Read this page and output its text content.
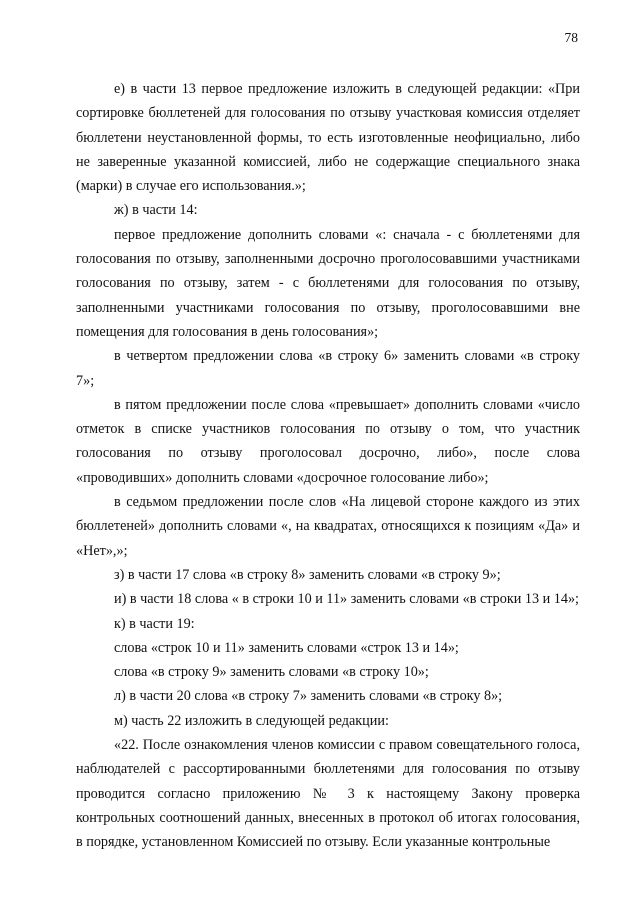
78

е) в части 13 первое предложение изложить в следующей редакции: «При сортировке бюллетеней для голосования по отзыву участковая комиссия отделяет бюллетени неустановленной формы, то есть изготовленные неофициально, либо не заверенные указанной комиссией, либо не содержащие специального знака (марки) в случае его использования.»;

ж) в части 14:

первое предложение дополнить словами «: сначала - с бюллетенями для голосования по отзыву, заполненными досрочно проголосовавшими участниками голосования по отзыву, затем - с бюллетенями для голосования по отзыву, заполненными участниками голосования по отзыву, проголосовавшими вне помещения для голосования в день голосования»;

в четвертом предложении слова «в строку 6» заменить словами «в строку 7»;

в пятом предложении после слова «превышает» дополнить словами «число отметок в списке участников голосования по отзыву о том, что участник голосования по отзыву проголосовал досрочно, либо», после слова «проводивших» дополнить словами «досрочное голосование либо»;

в седьмом предложении после слов «На лицевой стороне каждого из этих бюллетеней» дополнить словами «, на квадратах, относящихся к позициям «Да» и «Нет»,»;

з) в части 17 слова «в строку 8» заменить словами «в строку 9»;

и) в части 18 слова « в строки 10 и 11» заменить словами «в строки 13 и 14»;

к) в части 19:

слова «строк 10 и 11» заменить словами «строк 13 и 14»;

слова «в строку 9» заменить словами «в строку 10»;

л) в части 20 слова «в строку 7» заменить словами «в строку 8»;

м) часть 22 изложить в следующей редакции:

«22. После ознакомления членов комиссии с правом совещательного голоса, наблюдателей с рассортированными бюллетенями для голосования по отзыву проводится согласно приложению № 3 к настоящему Закону проверка контрольных соотношений данных, внесенных в протокол об итогах голосования, в порядке, установленном Комиссией по отзыву. Если указанные контрольные
